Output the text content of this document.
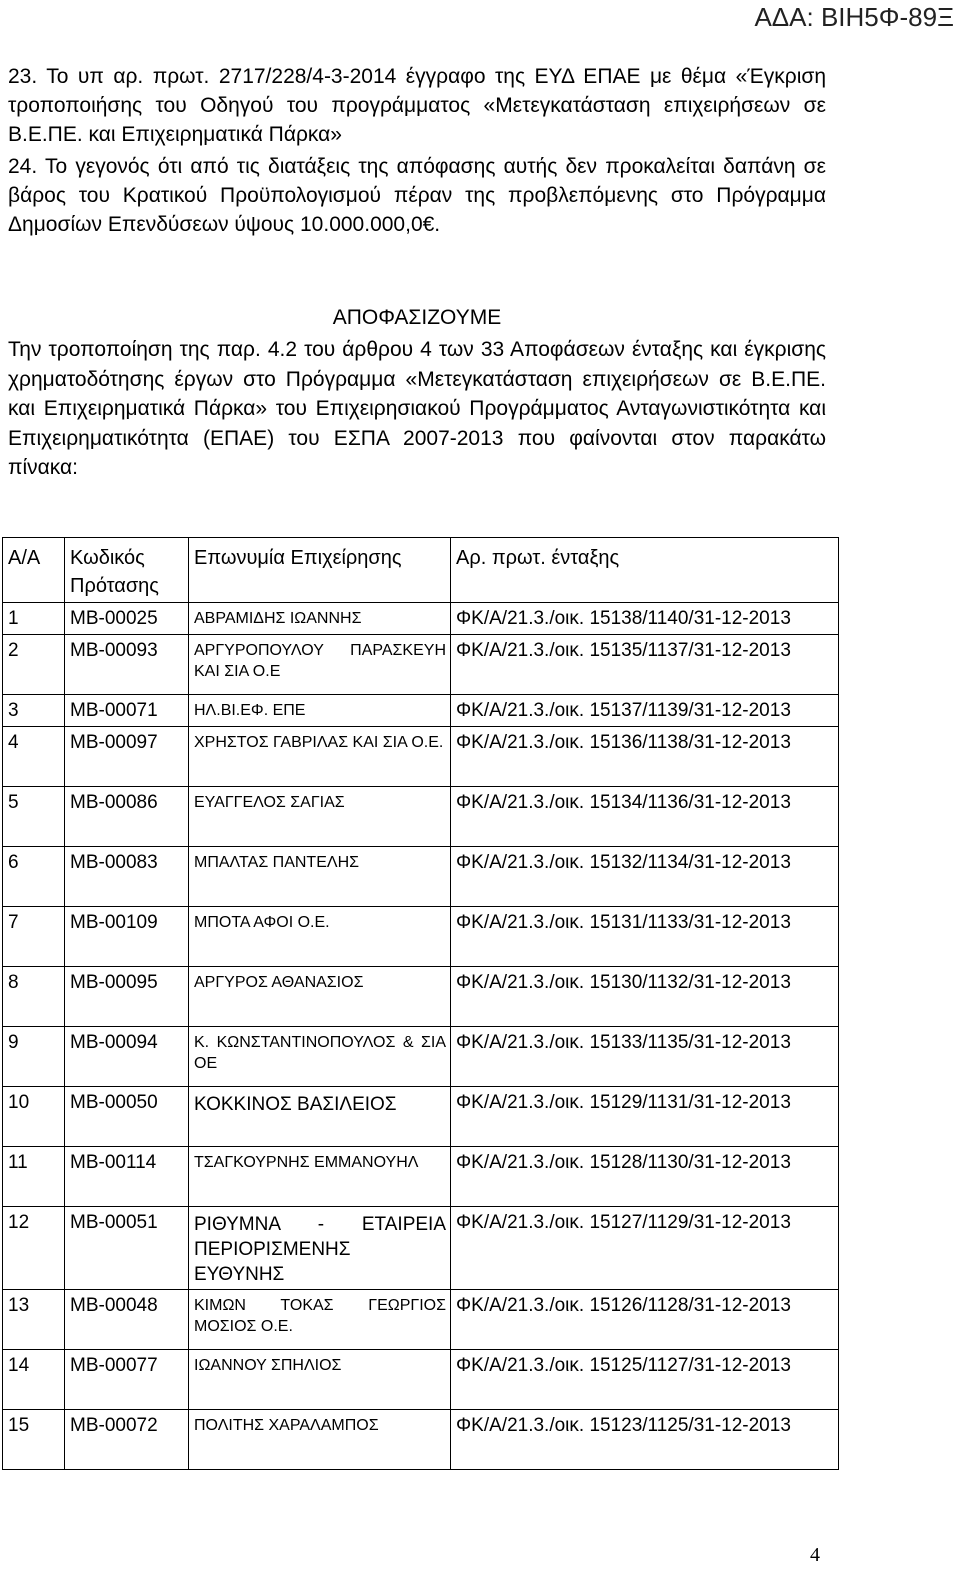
ΑΔΑ: ΒΙΗ5Φ-89Ξ

23. Το υπ αρ. πρωτ. 2717/228/4-3-2014 έγγραφο της ΕΥΔ ΕΠΑΕ με θέμα «Έγκριση τροποποιήσης του Οδηγού του προγράμματος «Μετεγκατάσταση επιχειρήσεων σε Β.Ε.ΠΕ. και Επιχειρηματικά Πάρκα»

24. Το γεγονός ότι από τις διατάξεις της απόφασης αυτής δεν προκαλείται δαπάνη σε βάρος του Κρατικού Προϋπολογισμού πέραν της προβλεπόμενης στο Πρόγραμμα Δημοσίων Επενδύσεων ύψους 10.000.000,0€.

ΑΠΟΦΑΣΙΖΟΥΜΕ

Την τροποποίηση της παρ. 4.2 του άρθρου 4 των 33 Αποφάσεων ένταξης και έγκρισης χρηματοδότησης έργων στο Πρόγραμμα «Μετεγκατάσταση επιχειρήσεων σε Β.Ε.ΠΕ. και Επιχειρηματικά Πάρκα» του Επιχειρησιακού Προγράμματος Ανταγωνιστικότητα και Επιχειρηματικότητα (ΕΠΑΕ) του ΕΣΠΑ 2007-2013 που φαίνονται στον παρακάτω πίνακα:

Α/Α	Κωδικός Πρότασης	Επωνυμία Επιχείρησης	Αρ. πρωτ. ένταξης
1	MB-00025	ΑΒΡΑΜΙΔΗΣ ΙΩΑΝΝΗΣ	ΦΚ/Α/21.3./οικ. 15138/1140/31-12-2013
2	MB-00093	ΑΡΓΥΡΟΠΟΥΛΟΥ ΠΑΡΑΣΚΕΥΗ ΚΑΙ ΣΙΑ Ο.Ε	ΦΚ/Α/21.3./οικ. 15135/1137/31-12-2013
3	MB-00071	ΗΛ.ΒΙ.ΕΦ. ΕΠΕ	ΦΚ/Α/21.3./οικ. 15137/1139/31-12-2013
4	MB-00097	ΧΡΗΣΤΟΣ ΓΑΒΡΙΛΑΣ ΚΑΙ ΣΙΑ Ο.Ε.	ΦΚ/Α/21.3./οικ. 15136/1138/31-12-2013
5	MB-00086	ΕΥΑΓΓΕΛΟΣ ΣΑΓΙΑΣ	ΦΚ/Α/21.3./οικ. 15134/1136/31-12-2013
6	MB-00083	ΜΠΑΛΤΑΣ ΠΑΝΤΕΛΗΣ	ΦΚ/Α/21.3./οικ. 15132/1134/31-12-2013
7	MB-00109	ΜΠΟΤΑ ΑΦΟΙ Ο.Ε.	ΦΚ/Α/21.3./οικ. 15131/1133/31-12-2013
8	MB-00095	ΑΡΓΥΡΟΣ ΑΘΑΝΑΣΙΟΣ	ΦΚ/Α/21.3./οικ. 15130/1132/31-12-2013
9	MB-00094	Κ. ΚΩΝΣΤΑΝΤΙΝΟΠΟΥΛΟΣ & ΣΙΑ ΟΕ	ΦΚ/Α/21.3./οικ. 15133/1135/31-12-2013
10	MB-00050	ΚΟΚΚΙΝΟΣ ΒΑΣΙΛΕΙΟΣ	ΦΚ/Α/21.3./οικ. 15129/1131/31-12-2013
11	MB-00114	ΤΣΑΓΚΟΥΡΝΗΣ ΕΜΜΑΝΟΥΗΛ	ΦΚ/Α/21.3./οικ. 15128/1130/31-12-2013
12	MB-00051	ΡΙΘΥΜΝΑ - ΕΤΑΙΡΕΙΑ ΠΕΡΙΟΡΙΣΜΕΝΗΣ ΕΥΘΥΝΗΣ	ΦΚ/Α/21.3./οικ. 15127/1129/31-12-2013
13	MB-00048	ΚΙΜΩΝ ΤΟΚΑΣ ΓΕΩΡΓΙΟΣ ΜΟΣΙΟΣ Ο.Ε.	ΦΚ/Α/21.3./οικ. 15126/1128/31-12-2013
14	MB-00077	ΙΩΑΝΝΟΥ ΣΠΗΛΙΟΣ	ΦΚ/Α/21.3./οικ. 15125/1127/31-12-2013
15	MB-00072	ΠΟΛΙΤΗΣ ΧΑΡΑΛΑΜΠΟΣ	ΦΚ/Α/21.3./οικ. 15123/1125/31-12-2013
4
